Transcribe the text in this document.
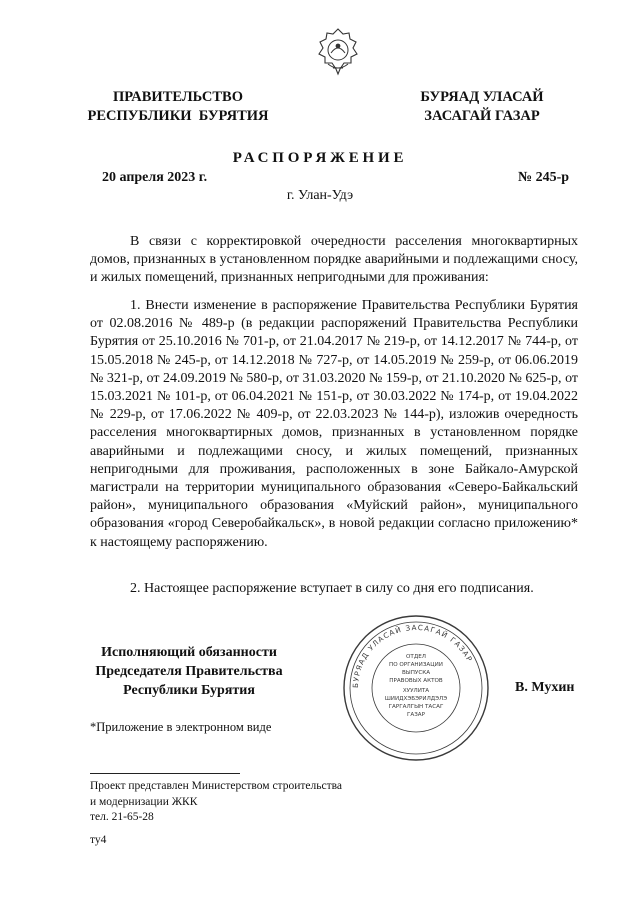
ПРАВИТЕЛЬСТВО
РЕСПУБЛИКИ  БУРЯТИЯ
БУРЯАД УЛАСАЙ
ЗАСАГАЙ ГАЗАР
РАСПОРЯЖЕНИЕ
20 апреля 2023 г.	№ 245-р
г. Улан-Удэ
В связи с корректировкой очередности расселения многоквартирных домов, признанных в установленном порядке аварийными и подлежащими сносу, и жилых помещений, признанных непригодными для проживания:
1. Внести изменение в распоряжение Правительства Республики Бурятия от 02.08.2016 № 489-р (в редакции распоряжений Правительства Республики Бурятия от 25.10.2016 № 701-р, от 21.04.2017 № 219-р, от 14.12.2017 № 744-р, от 15.05.2018 № 245-р, от 14.12.2018 № 727-р, от 14.05.2019 № 259-р, от 06.06.2019 № 321-р, от 24.09.2019 № 580-р, от 31.03.2020 № 159-р, от 21.10.2020 № 625-р, от 15.03.2021 № 101-р, от 06.04.2021 № 151-р, от 30.03.2022 № 174-р, от 19.04.2022 № 229-р, от 17.06.2022 № 409-р, от 22.03.2023 № 144-р), изложив очередность расселения многоквартирных домов, признанных в установленном порядке аварийными и подлежащими сносу, и жилых помещений, признанных непригодными для проживания, расположенных в зоне Байкало-Амурской магистрали на территории муниципального образования «Северо-Байкальский район», муниципального образования «Муйский район», муниципального образования «город Северобайкальск», в новой редакции согласно приложению* к настоящему распоряжению.
2. Настоящее распоряжение вступает в силу со дня его подписания.
Исполняющий обязанности
Председателя Правительства
Республики Бурятия	БУРЯАД УЛАСАЙ ЗАСАГАЙ ГАЗАР
ОТДЕЛ
ПО ОРГАНИЗАЦИИ
ВЫПУСКА
ПРАВОВЫХ АКТОВ
ХУУЛИТА
ШИИДХЭБЭРИЛДЭЛЭ
ГАРГАЛГЫН ТАСАГ
ГАЗАР
В. Мухин
*Приложение в электронном виде
Проект представлен Министерством строительства
и модернизации ЖКК
тел. 21-65-28
ту4
